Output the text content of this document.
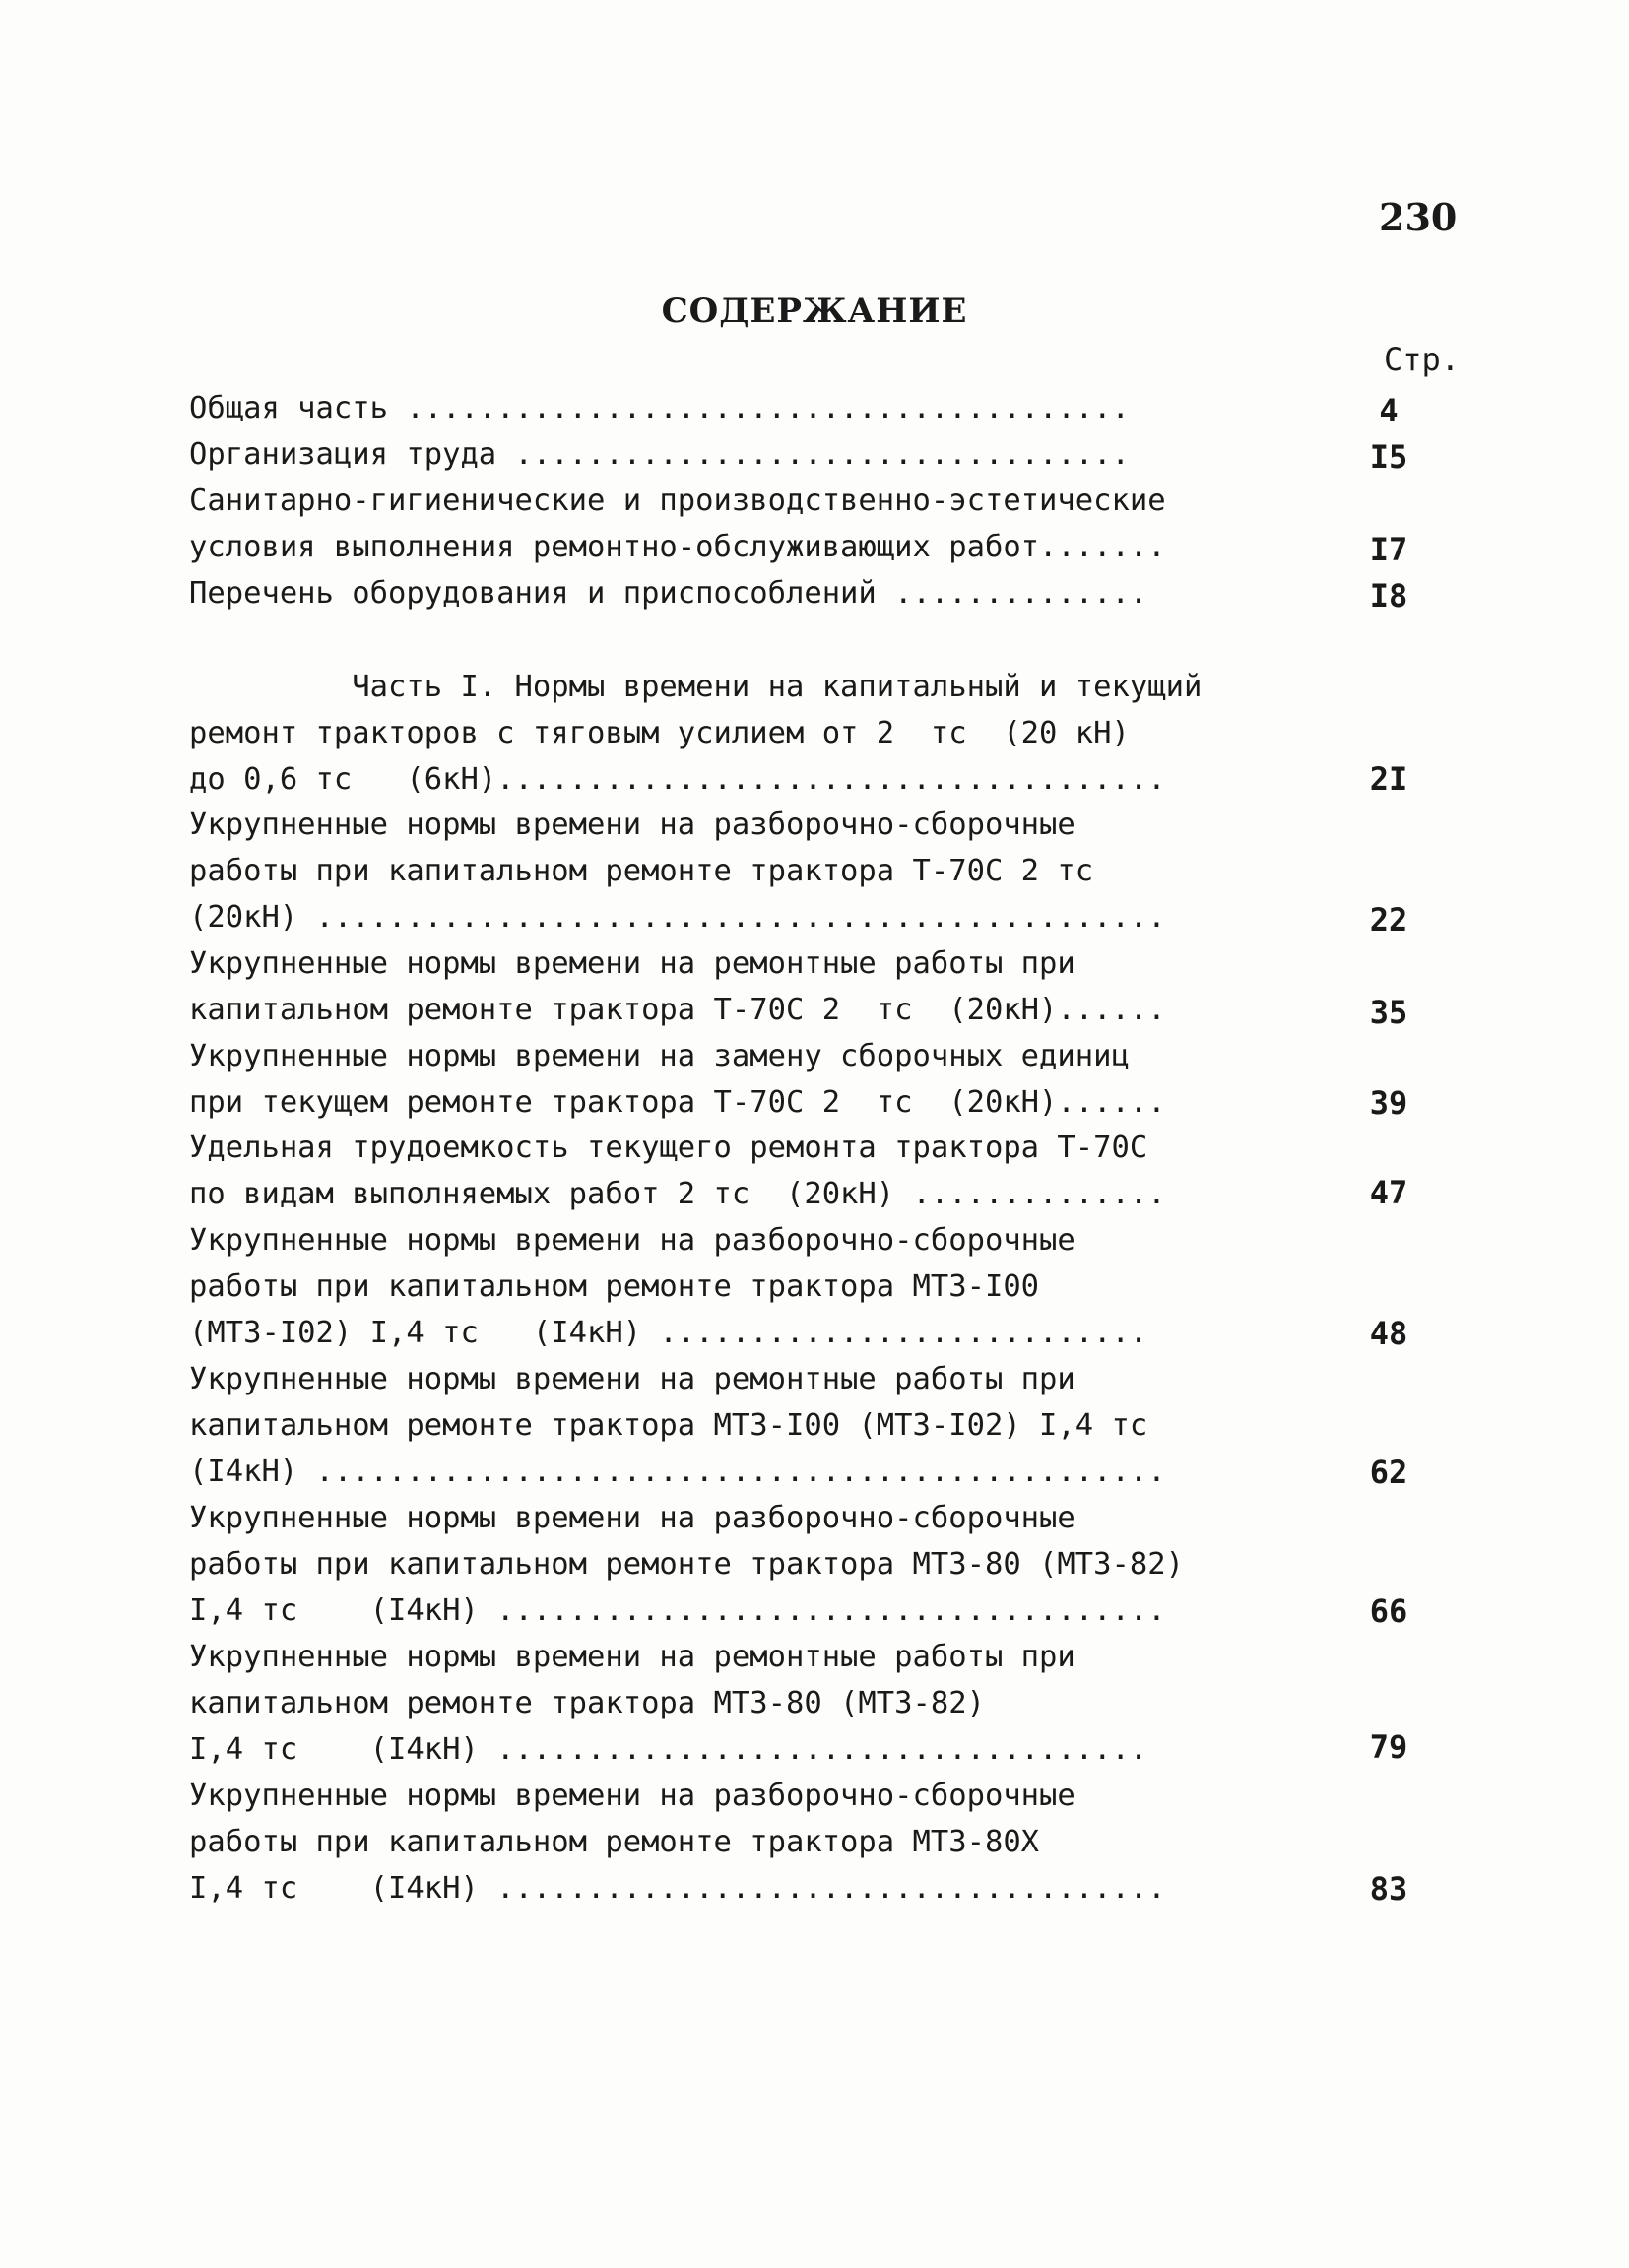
230
СОДЕРЖАНИЕ
Стр.
Общая часть ........................................	4
Организация труда ..................................	I5
Санитарно-гигиенические и производственно-эстетические
условия выполнения ремонтно-обслуживающих работ.......	I7
Перечень оборудования и приспособлений ..............	I8
Часть I. Нормы времени на капитальный и текущий
ремонт тракторов с тяговым усилием от 2  тс  (20 кН)
до 0,6 тс   (6кН).....................................	2I
Укрупненные нормы времени на разборочно-сборочные
работы при капитальном ремонте трактора Т-70С 2 тс
(20кН) ...............................................	22
Укрупненные нормы времени на ремонтные работы при
капитальном ремонте трактора Т-70С 2  тс  (20кН)......	35
Укрупненные нормы времени на замену сборочных единиц
при текущем ремонте трактора Т-70С 2  тс  (20кН)......	39
Удельная трудоемкость текущего ремонта трактора Т-70С
по видам выполняемых работ 2 тс  (20кН) ..............	47
Укрупненные нормы времени на разборочно-сборочные
работы при капитальном ремонте трактора МТЗ-I00
(МТЗ-I02) I,4 тс   (I4кН) ...........................	48
Укрупненные нормы времени на ремонтные работы при
капитальном ремонте трактора МТЗ-I00 (МТЗ-I02) I,4 тс
(I4кН) ...............................................	62
Укрупненные нормы времени на разборочно-сборочные
работы при капитальном ремонте трактора МТЗ-80 (МТЗ-82)
I,4 тс    (I4кН) .....................................	66
Укрупненные нормы времени на ремонтные работы при
капитальном ремонте трактора МТЗ-80 (МТЗ-82)
I,4 тс    (I4кН) ....................................	79
Укрупненные нормы времени на разборочно-сборочные
работы при капитальном ремонте трактора МТЗ-80Х
I,4 тс    (I4кН) .....................................	83
